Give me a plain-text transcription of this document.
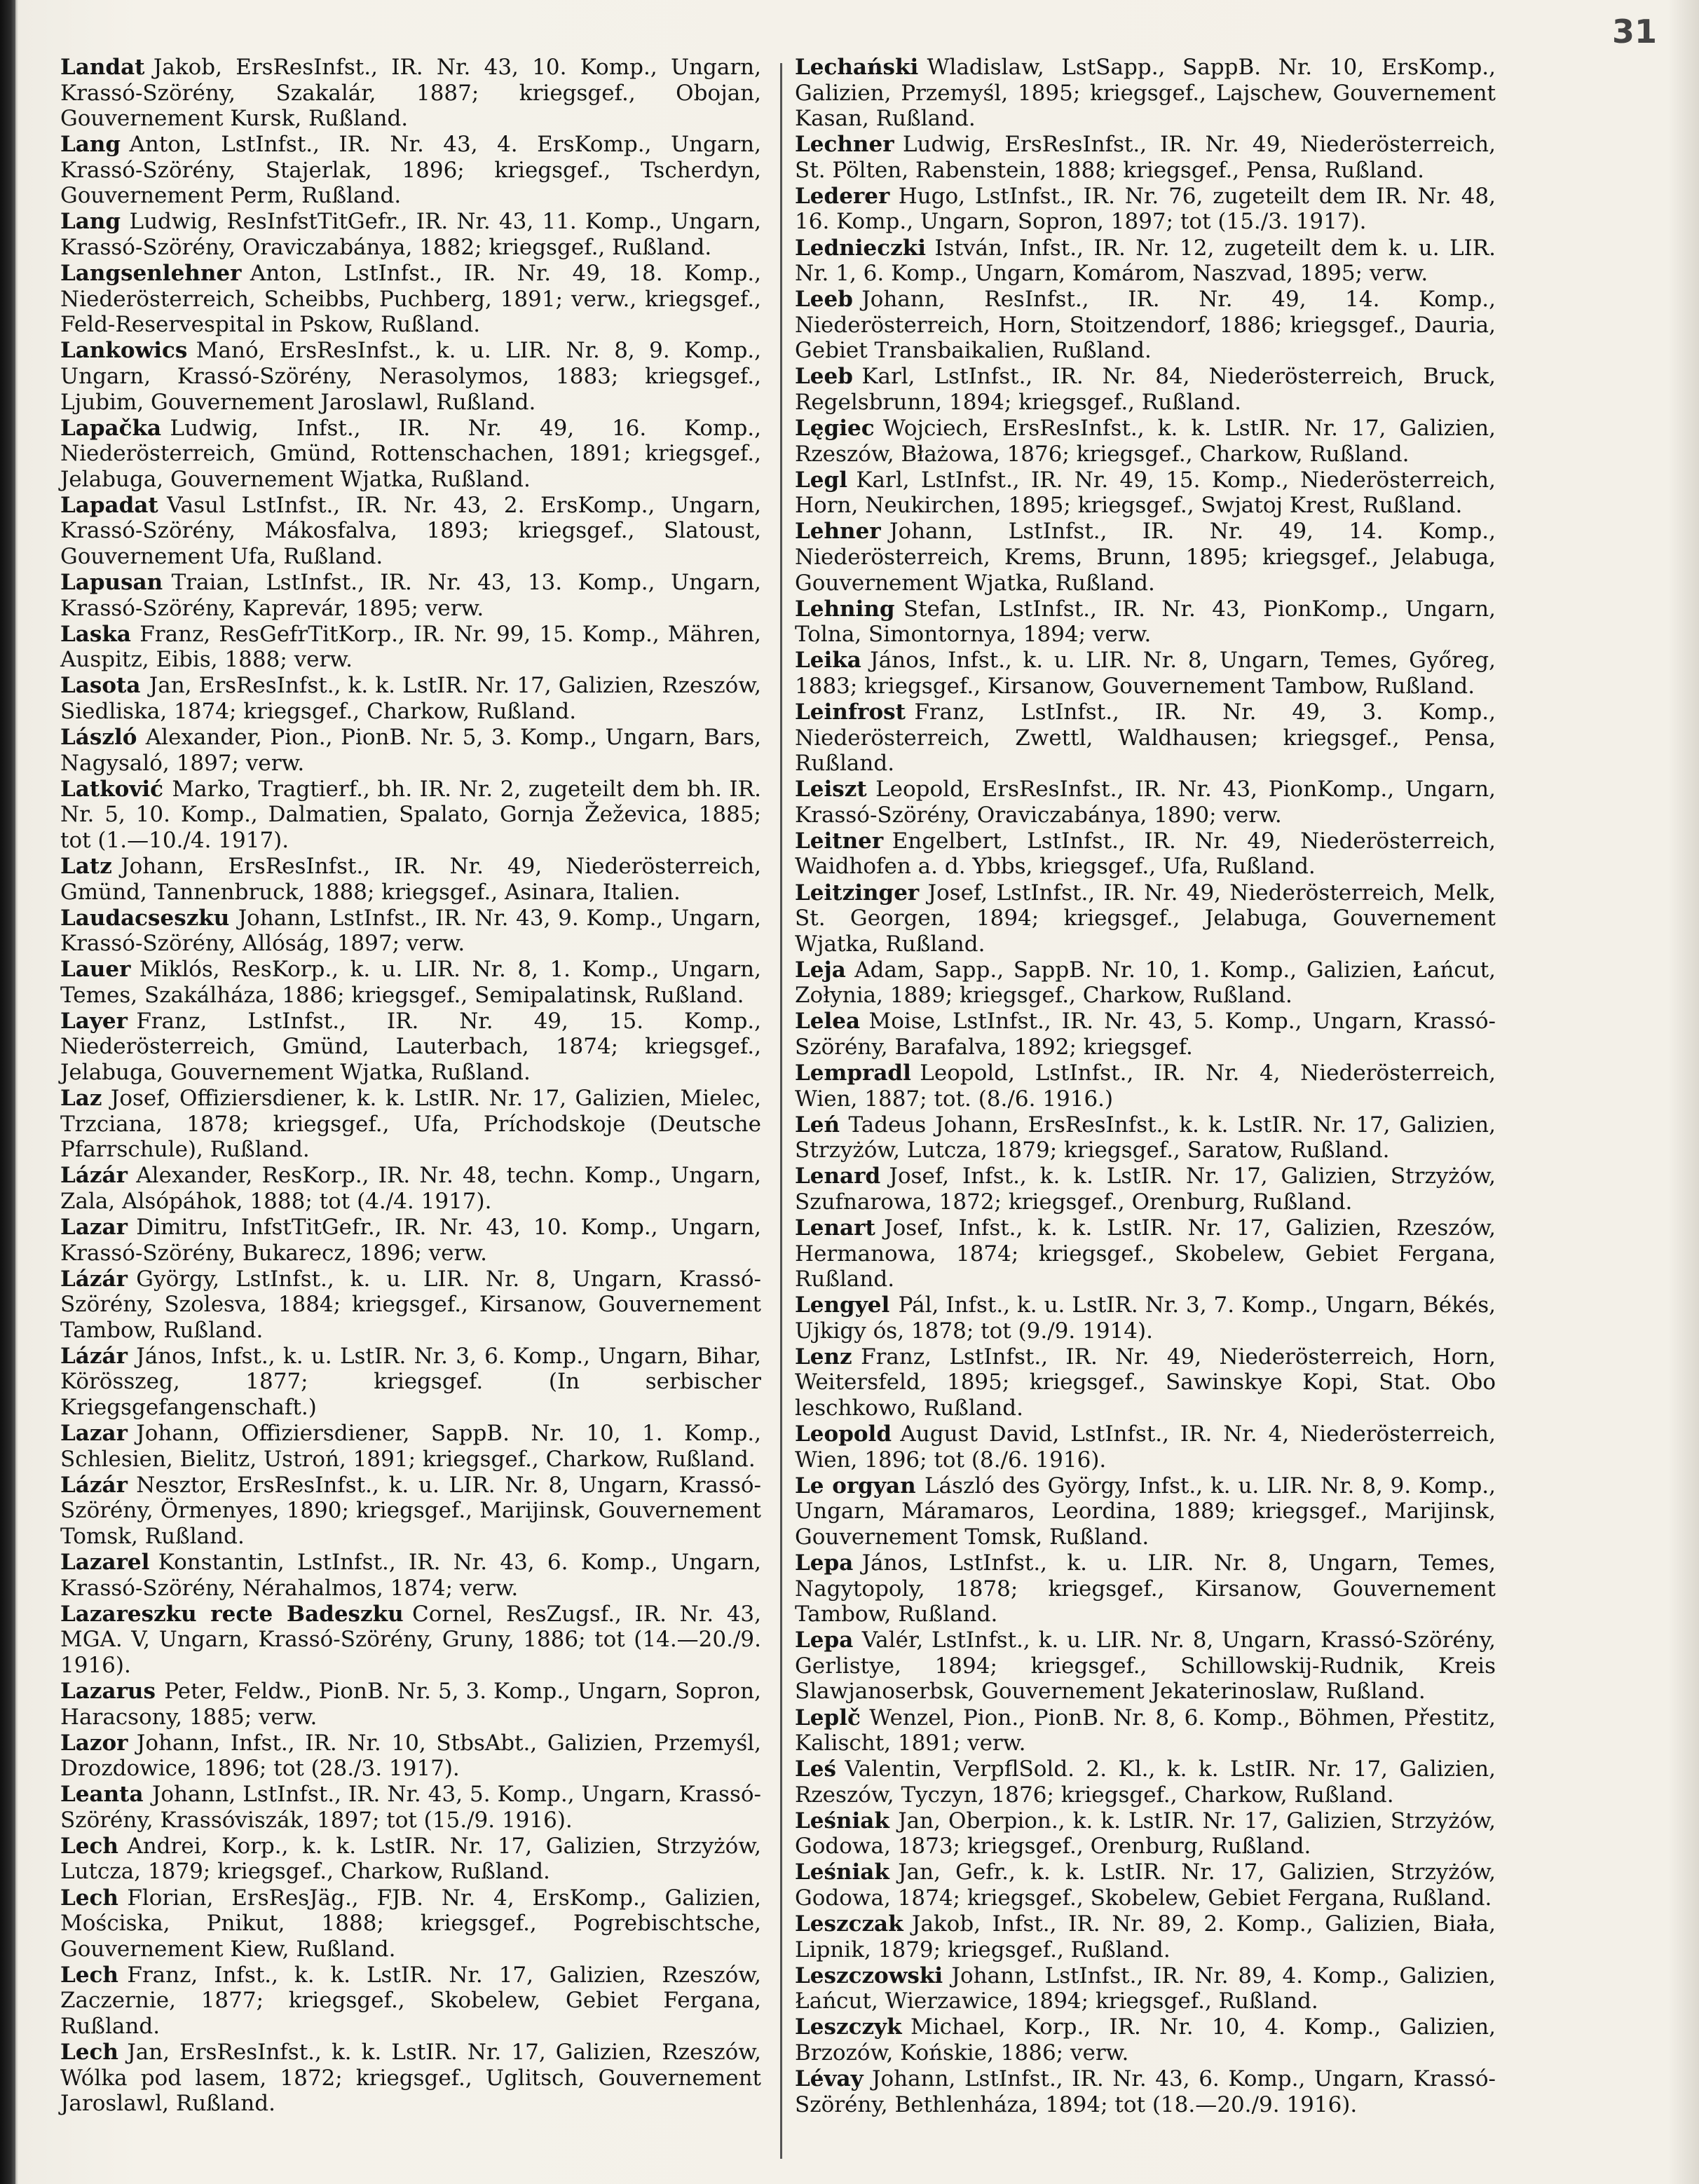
31
Landat Jakob, ErsResInfst., IR. Nr. 43, 10. Komp., Ungarn, Krassó-Szörény, Szakalár, 1887; kriegsgef., Obojan, Gouvernement Kursk, Rußland.
Lang Anton, LstInfst., IR. Nr. 43, 4. ErsKomp., Ungarn, Krassó-Szörény, Stajerlak, 1896; kriegsgef., Tscherdyn, Gouvernement Perm, Rußland.
Lang Ludwig, ResInfstTitGefr., IR. Nr. 43, 11. Komp., Ungarn, Krassó-Szörény, Oraviczabánya, 1882; kriegsgef., Rußland.
Langsenlehner Anton, LstInfst., IR. Nr. 49, 18. Komp., Niederösterreich, Scheibbs, Puchberg, 1891; verw., kriegsgef., Feld-Reservespital in Pskow, Rußland.
Lankowics Manó, ErsResInfst., k. u. LIR. Nr. 8, 9. Komp., Ungarn, Krassó-Szörény, Nerasolymos, 1883; kriegsgef., Ljubim, Gouvernement Jaroslawl, Rußland.
Lapačka Ludwig, Infst., IR. Nr. 49, 16. Komp., Niederösterreich, Gmünd, Rottenschachen, 1891; kriegsgef., Jelabuga, Gouvernement Wjatka, Rußland.
Lapadat Vasul LstInfst., IR. Nr. 43, 2. ErsKomp., Ungarn, Krassó-Szörény, Mákosfalva, 1893; kriegsgef., Slatoust, Gouvernement Ufa, Rußland.
Lapusan Traian, LstInfst., IR. Nr. 43, 13. Komp., Ungarn, Krassó-Szörény, Kaprevár, 1895; verw.
Laska Franz, ResGefrTitKorp., IR. Nr. 99, 15. Komp., Mähren, Auspitz, Eibis, 1888; verw.
Lasota Jan, ErsResInfst., k. k. LstIR. Nr. 17, Galizien, Rzeszów, Siedliska, 1874; kriegsgef., Charkow, Rußland.
László Alexander, Pion., PionB. Nr. 5, 3. Komp., Ungarn, Bars, Nagysaló, 1897; verw.
Latković Marko, Tragtierf., bh. IR. Nr. 2, zugeteilt dem bh. IR. Nr. 5, 10. Komp., Dalmatien, Spalato, Gornja Žeževica, 1885; tot (1.—10./4. 1917).
Latz Johann, ErsResInfst., IR. Nr. 49, Niederösterreich, Gmünd, Tannenbruck, 1888; kriegsgef., Asinara, Italien.
Laudacseszku Johann, LstInfst., IR. Nr. 43, 9. Komp., Ungarn, Krassó-Szörény, Allóság, 1897; verw.
Lauer Miklós, ResKorp., k. u. LIR. Nr. 8, 1. Komp., Ungarn, Temes, Szakálháza, 1886; kriegsgef., Semipalatinsk, Rußland.
Layer Franz, LstInfst., IR. Nr. 49, 15. Komp., Niederösterreich, Gmünd, Lauterbach, 1874; kriegsgef., Jelabuga, Gouvernement Wjatka, Rußland.
Laz Josef, Offiziersdiener, k. k. LstIR. Nr. 17, Galizien, Mielec, Trzciana, 1878; kriegsgef., Ufa, Príchodskoje (Deutsche Pfarrschule), Rußland.
Lázár Alexander, ResKorp., IR. Nr. 48, techn. Komp., Ungarn, Zala, Alsópáhok, 1888; tot (4./4. 1917).
Lazar Dimitru, InfstTitGefr., IR. Nr. 43, 10. Komp., Ungarn, Krassó-Szörény, Bukarecz, 1896; verw.
Lázár György, LstInfst., k. u. LIR. Nr. 8, Ungarn, Krassó-Szörény, Szolesva, 1884; kriegsgef., Kirsanow, Gouvernement Tambow, Rußland.
Lázár János, Infst., k. u. LstIR. Nr. 3, 6. Komp., Ungarn, Bihar, Körösszeg, 1877; kriegsgef. (In serbischer Kriegsgefangenschaft.)
Lazar Johann, Offiziersdiener, SappB. Nr. 10, 1. Komp., Schlesien, Bielitz, Ustroń, 1891; kriegsgef., Charkow, Rußland.
Lázár Nesztor, ErsResInfst., k. u. LIR. Nr. 8, Ungarn, Krassó-Szörény, Örmenyes, 1890; kriegsgef., Marijinsk, Gouvernement Tomsk, Rußland.
Lazarel Konstantin, LstInfst., IR. Nr. 43, 6. Komp., Ungarn, Krassó-Szörény, Nérahalmos, 1874; verw.
Lazareszku recte Badeszku Cornel, ResZugsf., IR. Nr. 43, MGA. V, Ungarn, Krassó-Szörény, Gruny, 1886; tot (14.—20./9. 1916).
Lazarus Peter, Feldw., PionB. Nr. 5, 3. Komp., Ungarn, Sopron, Haracsony, 1885; verw.
Lazor Johann, Infst., IR. Nr. 10, StbsAbt., Galizien, Przemyśl, Drozdowice, 1896; tot (28./3. 1917).
Leanta Johann, LstInfst., IR. Nr. 43, 5. Komp., Ungarn, Krassó-Szörény, Krassóviszák, 1897; tot (15./9. 1916).
Lech Andrei, Korp., k. k. LstIR. Nr. 17, Galizien, Strzyżów, Lutcza, 1879; kriegsgef., Charkow, Rußland.
Lech Florian, ErsResJäg., FJB. Nr. 4, ErsKomp., Galizien, Mościska, Pnikut, 1888; kriegsgef., Pogrebischtsche, Gouvernement Kiew, Rußland.
Lech Franz, Infst., k. k. LstIR. Nr. 17, Galizien, Rzeszów, Zaczernie, 1877; kriegsgef., Skobelew, Gebiet Fergana, Rußland.
Lech Jan, ErsResInfst., k. k. LstIR. Nr. 17, Galizien, Rzeszów, Wólka pod lasem, 1872; kriegsgef., Uglitsch, Gouvernement Jaroslawl, Rußland.
Lechański Wladislaw, LstSapp., SappB. Nr. 10, ErsKomp., Galizien, Przemyśl, 1895; kriegsgef., Lajschew, Gouvernement Kasan, Rußland.
Lechner Ludwig, ErsResInfst., IR. Nr. 49, Niederösterreich, St. Pölten, Rabenstein, 1888; kriegsgef., Pensa, Rußland.
Lederer Hugo, LstInfst., IR. Nr. 76, zugeteilt dem IR. Nr. 48, 16. Komp., Ungarn, Sopron, 1897; tot (15./3. 1917).
Lednieczki István, Infst., IR. Nr. 12, zugeteilt dem k. u. LIR. Nr. 1, 6. Komp., Ungarn, Komárom, Naszvad, 1895; verw.
Leeb Johann, ResInfst., IR. Nr. 49, 14. Komp., Niederösterreich, Horn, Stoitzendorf, 1886; kriegsgef., Dauria, Gebiet Transbaikalien, Rußland.
Leeb Karl, LstInfst., IR. Nr. 84, Niederösterreich, Bruck, Regelsbrunn, 1894; kriegsgef., Rußland.
Lęgiec Wojciech, ErsResInfst., k. k. LstIR. Nr. 17, Galizien, Rzeszów, Błażowa, 1876; kriegsgef., Charkow, Rußland.
Legl Karl, LstInfst., IR. Nr. 49, 15. Komp., Niederösterreich, Horn, Neukirchen, 1895; kriegsgef., Swjatoj Krest, Rußland.
Lehner Johann, LstInfst., IR. Nr. 49, 14. Komp., Niederösterreich, Krems, Brunn, 1895; kriegsgef., Jelabuga, Gouvernement Wjatka, Rußland.
Lehning Stefan, LstInfst., IR. Nr. 43, PionKomp., Ungarn, Tolna, Simontornya, 1894; verw.
Leika János, Infst., k. u. LIR. Nr. 8, Ungarn, Temes, Győreg, 1883; kriegsgef., Kirsanow, Gouvernement Tambow, Rußland.
Leinfrost Franz, LstInfst., IR. Nr. 49, 3. Komp., Niederösterreich, Zwettl, Waldhausen; kriegsgef., Pensa, Rußland.
Leiszt Leopold, ErsResInfst., IR. Nr. 43, PionKomp., Ungarn, Krassó-Szörény, Oraviczabánya, 1890; verw.
Leitner Engelbert, LstInfst., IR. Nr. 49, Niederösterreich, Waidhofen a. d. Ybbs, kriegsgef., Ufa, Rußland.
Leitzinger Josef, LstInfst., IR. Nr. 49, Niederösterreich, Melk, St. Georgen, 1894; kriegsgef., Jelabuga, Gouvernement Wjatka, Rußland.
Leja Adam, Sapp., SappB. Nr. 10, 1. Komp., Galizien, Łańcut, Zołynia, 1889; kriegsgef., Charkow, Rußland.
Lelea Moise, LstInfst., IR. Nr. 43, 5. Komp., Ungarn, Krassó-Szörény, Barafalva, 1892; kriegsgef.
Lempradl Leopold, LstInfst., IR. Nr. 4, Niederösterreich, Wien, 1887; tot. (8./6. 1916.)
Leń Tadeus Johann, ErsResInfst., k. k. LstIR. Nr. 17, Galizien, Strzyżów, Lutcza, 1879; kriegsgef., Saratow, Rußland.
Lenard Josef, Infst., k. k. LstIR. Nr. 17, Galizien, Strzyżów, Szufnarowa, 1872; kriegsgef., Orenburg, Rußland.
Lenart Josef, Infst., k. k. LstIR. Nr. 17, Galizien, Rzeszów, Hermanowa, 1874; kriegsgef., Skobelew, Gebiet Fergana, Rußland.
Lengyel Pál, Infst., k. u. LstIR. Nr. 3, 7. Komp., Ungarn, Békés, Ujkigy ós, 1878; tot (9./9. 1914).
Lenz Franz, LstInfst., IR. Nr. 49, Niederösterreich, Horn, Weitersfeld, 1895; kriegsgef., Sawinskye Kopi, Stat. Obo leschkowo, Rußland.
Leopold August David, LstInfst., IR. Nr. 4, Niederösterreich, Wien, 1896; tot (8./6. 1916).
Le orgyan László des György, Infst., k. u. LIR. Nr. 8, 9. Komp., Ungarn, Máramaros, Leordina, 1889; kriegsgef., Marijinsk, Gouvernement Tomsk, Rußland.
Lepa János, LstInfst., k. u. LIR. Nr. 8, Ungarn, Temes, Nagytopoly, 1878; kriegsgef., Kirsanow, Gouvernement Tambow, Rußland.
Lepa Valér, LstInfst., k. u. LIR. Nr. 8, Ungarn, Krassó-Szörény, Gerlistye, 1894; kriegsgef., Schillowskij-Rudnik, Kreis Slawjanoserbsk, Gouvernement Jekaterinoslaw, Rußland.
Leplč Wenzel, Pion., PionB. Nr. 8, 6. Komp., Böhmen, Přestitz, Kalischt, 1891; verw.
Leś Valentin, VerpflSold. 2. Kl., k. k. LstIR. Nr. 17, Galizien, Rzeszów, Tyczyn, 1876; kriegsgef., Charkow, Rußland.
Leśniak Jan, Oberpion., k. k. LstIR. Nr. 17, Galizien, Strzyżów, Godowa, 1873; kriegsgef., Orenburg, Rußland.
Leśniak Jan, Gefr., k. k. LstIR. Nr. 17, Galizien, Strzyżów, Godowa, 1874; kriegsgef., Skobelew, Gebiet Fergana, Rußland.
Leszczak Jakob, Infst., IR. Nr. 89, 2. Komp., Galizien, Biała, Lipnik, 1879; kriegsgef., Rußland.
Leszczowski Johann, LstInfst., IR. Nr. 89, 4. Komp., Galizien, Łańcut, Wierzawice, 1894; kriegsgef., Rußland.
Leszczyk Michael, Korp., IR. Nr. 10, 4. Komp., Galizien, Brzozów, Końskie, 1886; verw.
Lévay Johann, LstInfst., IR. Nr. 43, 6. Komp., Ungarn, Krassó-Szörény, Bethlenháza, 1894; tot (18.—20./9. 1916).
